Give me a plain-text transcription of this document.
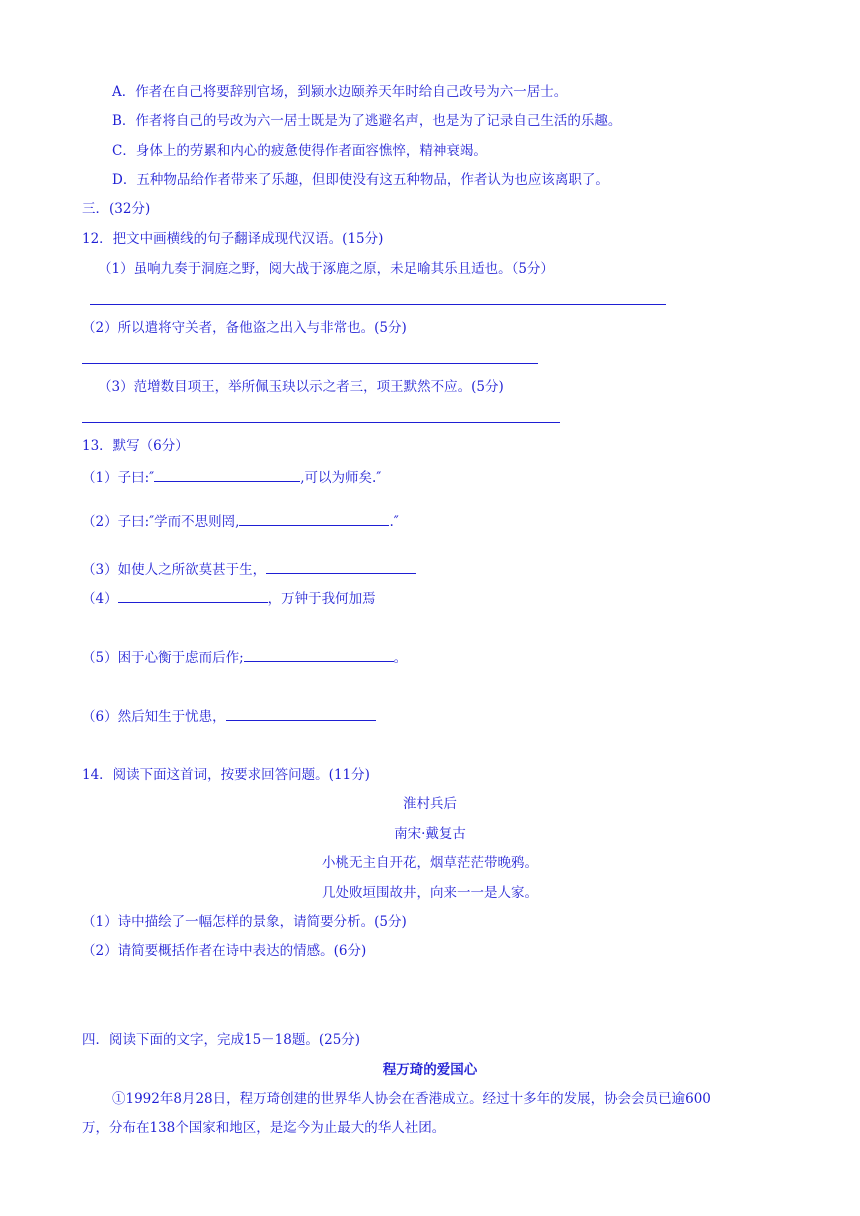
A．作者在自己将要辞别官场，到颍水边颐养天年时给自己改号为六一居士。
B．作者将自己的号改为六一居士既是为了逃避名声，也是为了记录自己生活的乐趣。
C．身体上的劳累和内心的疲惫使得作者面容憔悴，精神衰竭。
D．五种物品给作者带来了乐趣，但即使没有这五种物品，作者认为也应该离职了。
三．(32分)
12．把文中画横线的句子翻译成现代汉语。(15分)
（1）虽响九奏于洞庭之野，阅大战于涿鹿之原，未足喻其乐且适也。（5分）
（2）所以遣将守关者，备他盗之出入与非常也。(5分)
（3）范增数目项王，举所佩玉玦以示之者三，项王默然不应。(5分)
13．默写（6分）
（1）子曰:″	,可以为师矣.″
（2）子曰:″学而不思则罔,	.″
（3）如使人之所欲莫甚于生，
（4）	，万钟于我何加焉
（5）困于心衡于虑而后作;	。
（6）然后知生于忧患，
14．阅读下面这首词，按要求回答问题。(11分)
淮村兵后
南宋·戴复古
小桃无主自开花，烟草茫茫带晚鸦。
几处败垣围故井，向来一一是人家。
（1）诗中描绘了一幅怎样的景象，请简要分析。(5分)
（2）请简要概括作者在诗中表达的情感。(6分)
四．阅读下面的文字，完成15－18题。(25分)
程万琦的爱国心
①1992年8月28日，程万琦创建的世界华人协会在香港成立。经过十多年的发展，协会会员已逾600
万，分布在138个国家和地区，是迄今为止最大的华人社团。
